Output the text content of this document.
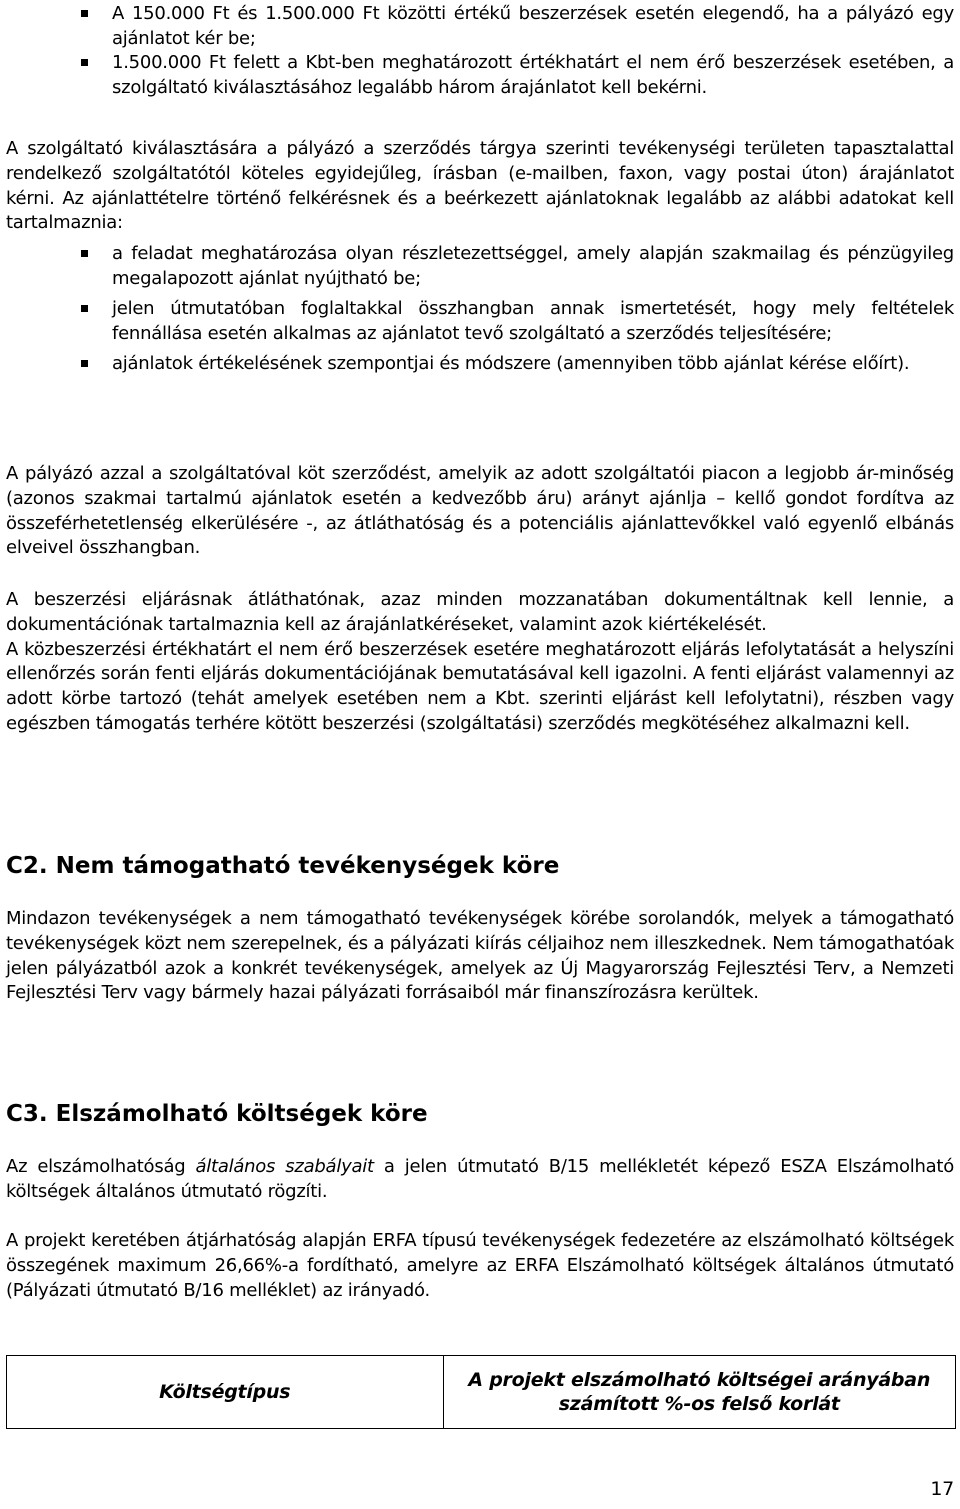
A 150.000 Ft és 1.500.000 Ft közötti értékű beszerzések esetén elegendő, ha a pályázó egy ajánlatot kér be;
1.500.000 Ft felett a Kbt-ben meghatározott értékhatárt el nem érő beszerzések esetében, a szolgáltató kiválasztásához legalább három árajánlatot kell bekérni.

A szolgáltató kiválasztására a pályázó a szerződés tárgya szerinti tevékenységi területen tapasztalattal rendelkező szolgáltatótól köteles egyidejűleg, írásban (e-mailben, faxon, vagy postai úton) árajánlatot kérni. Az ajánlattételre történő felkérésnek és a beérkezett ajánlatoknak legalább az alábbi adatokat kell tartalmaznia:

a feladat meghatározása olyan részletezettséggel, amely alapján szakmailag és pénzügyileg megalapozott ajánlat nyújtható be;
jelen útmutatóban foglaltakkal összhangban annak ismertetését, hogy mely feltételek fennállása esetén alkalmas az ajánlatot tevő szolgáltató a szerződés teljesítésére;
ajánlatok értékelésének szempontjai és módszere (amennyiben több ajánlat kérése előírt).

A pályázó azzal a szolgáltatóval köt szerződést, amelyik az adott szolgáltatói piacon a legjobb ár-minőség (azonos szakmai tartalmú ajánlatok esetén a kedvezőbb áru) arányt ajánlja – kellő gondot fordítva az összeférhetetlenség elkerülésére -, az átláthatóság és a potenciális ajánlattevőkkel való egyenlő elbánás elveivel összhangban.

A beszerzési eljárásnak átláthatónak, azaz minden mozzanatában dokumentáltnak kell lennie, a dokumentációnak tartalmaznia kell az árajánlatkéréseket, valamint azok kiértékelését.

A közbeszerzési értékhatárt el nem érő beszerzések esetére meghatározott eljárás lefolytatását a helyszíni ellenőrzés során fenti eljárás dokumentációjának bemutatásával kell igazolni. A fenti eljárást valamennyi az adott körbe tartozó (tehát amelyek esetében nem a Kbt. szerinti eljárást kell lefolytatni), részben vagy egészben támogatás terhére kötött beszerzési (szolgáltatási) szerződés megkötéséhez alkalmazni kell.

C2. Nem támogatható tevékenységek köre

Mindazon tevékenységek a nem támogatható tevékenységek körébe sorolandók, melyek a támogatható tevékenységek közt nem szerepelnek, és a pályázati kiírás céljaihoz nem illeszkednek. Nem támogathatóak jelen pályázatból azok a konkrét tevékenységek, amelyek az Új Magyarország Fejlesztési Terv, a Nemzeti Fejlesztési Terv vagy bármely hazai pályázati forrásaiból már finanszírozásra kerültek.

C3. Elszámolható költségek köre

Az elszámolhatóság általános szabályait a jelen útmutató B/15 mellékletét képező ESZA Elszámolható költségek általános útmutató rögzíti.

A projekt keretében átjárhatóság alapján ERFA típusú tevékenységek fedezetére az elszámolható költségek összegének maximum 26,66%-a fordítható, amelyre az ERFA Elszámolható költségek általános útmutató (Pályázati útmutató B/16 melléklet) az irányadó.

Költségtípus	A projekt elszámolható költségei arányában számított %-os felső korlát
17
